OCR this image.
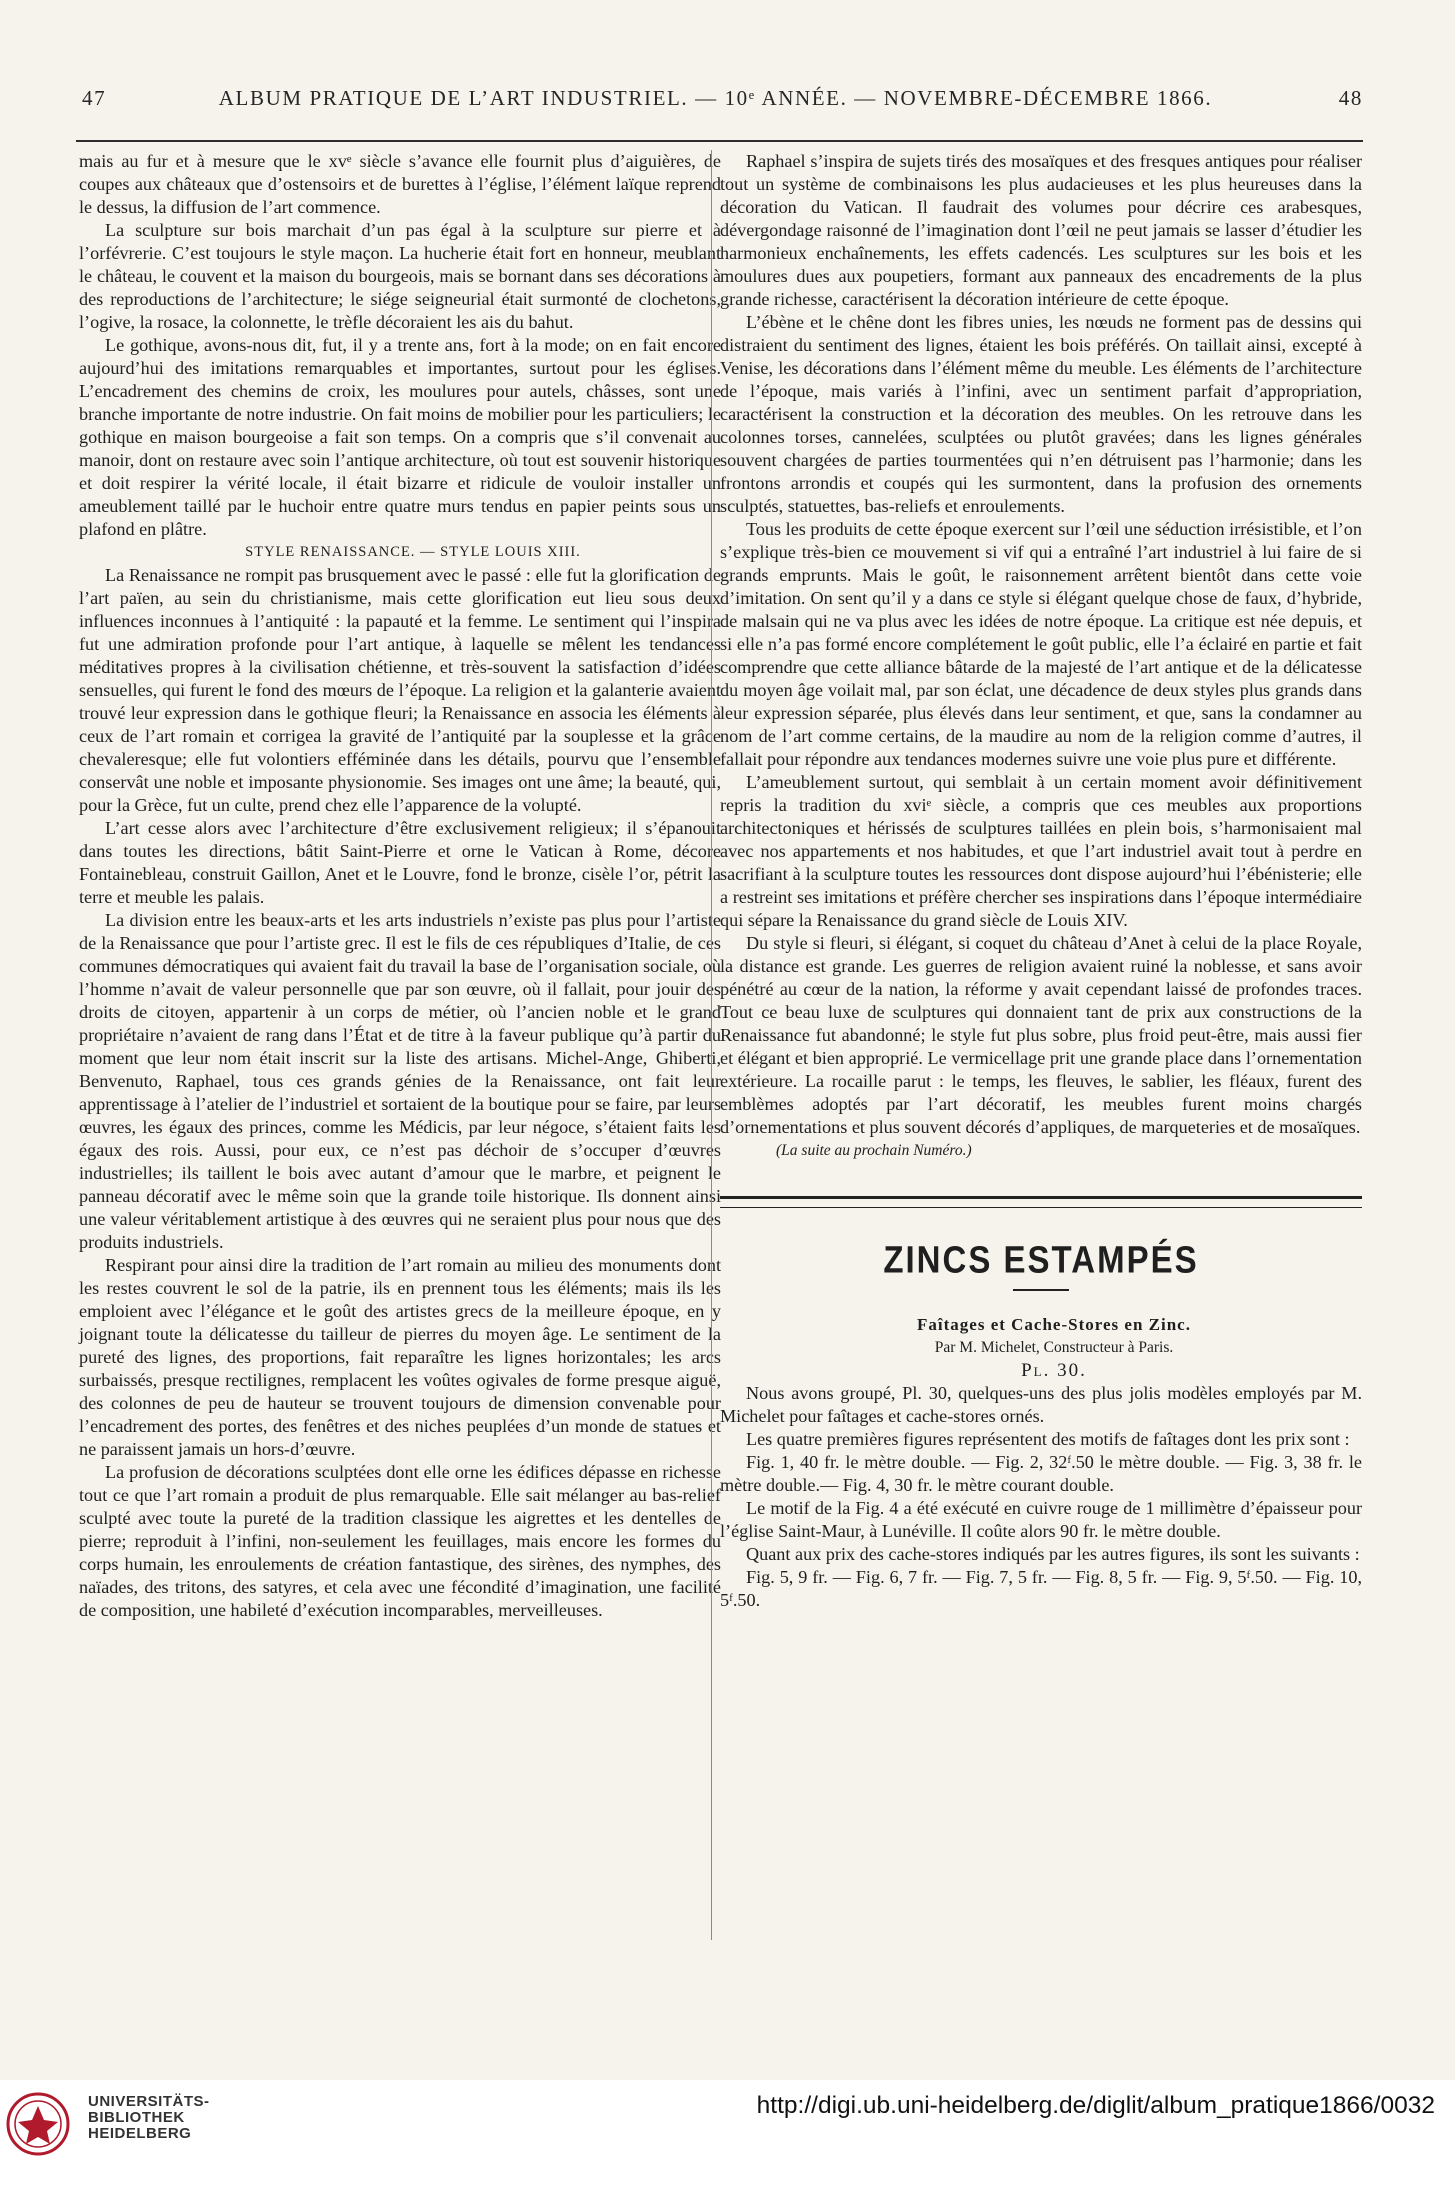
47	ALBUM PRATIQUE DE L’ART INDUSTRIEL. — 10ᵉ ANNÉE. — NOVEMBRE-DÉCEMBRE 1866.	48

mais au fur et à mesure que le xvᵉ siècle s’avance elle fournit plus d’aiguières, de coupes aux châteaux que d’ostensoirs et de burettes à l’église, l’élément laïque reprend le dessus, la diffusion de l’art commence.

La sculpture sur bois marchait d’un pas égal à la sculpture sur pierre et à l’orfévrerie. C’est toujours le style maçon. La hucherie était fort en honneur, meublant le château, le couvent et la maison du bourgeois, mais se bornant dans ses décorations à des reproductions de l’architecture; le siége seigneurial était surmonté de clochetons, l’ogive, la rosace, la colonnette, le trèfle décoraient les ais du bahut.

Le gothique, avons-nous dit, fut, il y a trente ans, fort à la mode; on en fait encore aujourd’hui des imitations remarquables et importantes, surtout pour les églises. L’encadrement des chemins de croix, les moulures pour autels, châsses, sont une branche importante de notre industrie. On fait moins de mobilier pour les particuliers; le gothique en maison bourgeoise a fait son temps. On a compris que s’il convenait au manoir, dont on restaure avec soin l’antique architecture, où tout est souvenir historique et doit respirer la vérité locale, il était bizarre et ridicule de vouloir installer un ameublement taillé par le huchoir entre quatre murs tendus en papier peints sous un plafond en plâtre.

STYLE RENAISSANCE. — STYLE LOUIS XIII.

La Renaissance ne rompit pas brusquement avec le passé : elle fut la glorification de l’art païen, au sein du christianisme, mais cette glorification eut lieu sous deux influences inconnues à l’antiquité : la papauté et la femme. Le sentiment qui l’inspira fut une admiration profonde pour l’art antique, à laquelle se mêlent les tendances méditatives propres à la civilisation chétienne, et très-souvent la satisfaction d’idées sensuelles, qui furent le fond des mœurs de l’époque. La religion et la galanterie avaient trouvé leur expression dans le gothique fleuri; la Renaissance en associa les éléments à ceux de l’art romain et corrigea la gravité de l’antiquité par la souplesse et la grâce chevaleresque; elle fut volontiers efféminée dans les détails, pourvu que l’ensemble conservât une noble et imposante physionomie. Ses images ont une âme; la beauté, qui, pour la Grèce, fut un culte, prend chez elle l’apparence de la volupté.

L’art cesse alors avec l’architecture d’être exclusivement religieux; il s’épanouit dans toutes les directions, bâtit Saint-Pierre et orne le Vatican à Rome, décore Fontainebleau, construit Gaillon, Anet et le Louvre, fond le bronze, cisèle l’or, pétrit la terre et meuble les palais.

La division entre les beaux-arts et les arts industriels n’existe pas plus pour l’artiste de la Renaissance que pour l’artiste grec. Il est le fils de ces républiques d’Italie, de ces communes démocratiques qui avaient fait du travail la base de l’organisation sociale, où l’homme n’avait de valeur personnelle que par son œuvre, où il fallait, pour jouir des droits de citoyen, appartenir à un corps de métier, où l’ancien noble et le grand propriétaire n’avaient de rang dans l’État et de titre à la faveur publique qu’à partir du moment que leur nom était inscrit sur la liste des artisans. Michel-Ange, Ghiberti, Benvenuto, Raphael, tous ces grands génies de la Renaissance, ont fait leur apprentissage à l’atelier de l’industriel et sortaient de la boutique pour se faire, par leurs œuvres, les égaux des princes, comme les Médicis, par leur négoce, s’étaient faits les égaux des rois. Aussi, pour eux, ce n’est pas déchoir de s’occuper d’œuvres industrielles; ils taillent le bois avec autant d’amour que le marbre, et peignent le panneau décoratif avec le même soin que la grande toile historique. Ils donnent ainsi une valeur véritablement artistique à des œuvres qui ne seraient plus pour nous que des produits industriels.

Respirant pour ainsi dire la tradition de l’art romain au milieu des monuments dont les restes couvrent le sol de la patrie, ils en prennent tous les éléments; mais ils les emploient avec l’élégance et le goût des artistes grecs de la meilleure époque, en y joignant toute la délicatesse du tailleur de pierres du moyen âge. Le sentiment de la pureté des lignes, des proportions, fait reparaître les lignes horizontales; les arcs surbaissés, presque rectilignes, remplacent les voûtes ogivales de forme presque aiguë, des colonnes de peu de hauteur se trouvent toujours de dimension convenable pour l’encadrement des portes, des fenêtres et des niches peuplées d’un monde de statues et ne paraissent jamais un hors-d’œuvre.

La profusion de décorations sculptées dont elle orne les édifices dépasse en richesse tout ce que l’art romain a produit de plus remarquable. Elle sait mélanger au bas-relief sculpté avec toute la pureté de la tradition classique les aigrettes et les dentelles de pierre; reproduit à l’infini, non-seulement les feuillages, mais encore les formes du corps humain, les enroulements de création fantastique, des sirènes, des nymphes, des naïades, des tritons, des satyres, et cela avec une fécondité d’imagination, une facilité de composition, une habileté d’exécution incomparables, merveilleuses.

Raphael s’inspira de sujets tirés des mosaïques et des fresques antiques pour réaliser tout un système de combinaisons les plus audacieuses et les plus heureuses dans la décoration du Vatican. Il faudrait des volumes pour décrire ces arabesques, dévergondage raisonné de l’imagination dont l’œil ne peut jamais se lasser d’étudier les harmonieux enchaînements, les effets cadencés. Les sculptures sur les bois et les moulures dues aux poupetiers, formant aux panneaux des encadrements de la plus grande richesse, caractérisent la décoration intérieure de cette époque.

L’ébène et le chêne dont les fibres unies, les nœuds ne forment pas de dessins qui distraient du sentiment des lignes, étaient les bois préférés. On taillait ainsi, excepté à Venise, les décorations dans l’élément même du meuble. Les éléments de l’architecture de l’époque, mais variés à l’infini, avec un sentiment parfait d’appropriation, caractérisent la construction et la décoration des meubles. On les retrouve dans les colonnes torses, cannelées, sculptées ou plutôt gravées; dans les lignes générales souvent chargées de parties tourmentées qui n’en détruisent pas l’harmonie; dans les frontons arrondis et coupés qui les surmontent, dans la profusion des ornements sculptés, statuettes, bas-reliefs et enroulements.

Tous les produits de cette époque exercent sur l’œil une séduction irrésistible, et l’on s’explique très-bien ce mouvement si vif qui a entraîné l’art industriel à lui faire de si grands emprunts. Mais le goût, le raisonnement arrêtent bientôt dans cette voie d’imitation. On sent qu’il y a dans ce style si élégant quelque chose de faux, d’hybride, de malsain qui ne va plus avec les idées de notre époque. La critique est née depuis, et si elle n’a pas formé encore complétement le goût public, elle l’a éclairé en partie et fait comprendre que cette alliance bâtarde de la majesté de l’art antique et de la délicatesse du moyen âge voilait mal, par son éclat, une décadence de deux styles plus grands dans leur expression séparée, plus élevés dans leur sentiment, et que, sans la condamner au nom de l’art comme certains, de la maudire au nom de la religion comme d’autres, il fallait pour répondre aux tendances modernes suivre une voie plus pure et différente.

L’ameublement surtout, qui semblait à un certain moment avoir définitivement repris la tradition du xviᵉ siècle, a compris que ces meubles aux proportions architectoniques et hérissés de sculptures taillées en plein bois, s’harmonisaient mal avec nos appartements et nos habitudes, et que l’art industriel avait tout à perdre en sacrifiant à la sculpture toutes les ressources dont dispose aujourd’hui l’ébénisterie; elle a restreint ses imitations et préfère chercher ses inspirations dans l’époque intermédiaire qui sépare la Renaissance du grand siècle de Louis XIV.

Du style si fleuri, si élégant, si coquet du château d’Anet à celui de la place Royale, la distance est grande. Les guerres de religion avaient ruiné la noblesse, et sans avoir pénétré au cœur de la nation, la réforme y avait cependant laissé de profondes traces. Tout ce beau luxe de sculptures qui donnaient tant de prix aux constructions de la Renaissance fut abandonné; le style fut plus sobre, plus froid peut-être, mais aussi fier et élégant et bien approprié. Le vermicellage prit une grande place dans l’ornementation extérieure. La rocaille parut : le temps, les fleuves, le sablier, les fléaux, furent des emblèmes adoptés par l’art décoratif, les meubles furent moins chargés d’ornementations et plus souvent décorés d’appliques, de marqueteries et de mosaïques.

(La suite au prochain Numéro.)

ZINCS ESTAMPÉS

Faîtages et Cache-Stores en Zinc.

Par M. Michelet, Constructeur à Paris.

Pl. 30.

Nous avons groupé, Pl. 30, quelques-uns des plus jolis modèles employés par M. Michelet pour faîtages et cache-stores ornés.

Les quatre premières figures représentent des motifs de faîtages dont les prix sont :

Fig. 1, 40 fr. le mètre double. — Fig. 2, 32ᶠ.50 le mètre double. — Fig. 3, 38 fr. le mètre double.— Fig. 4, 30 fr. le mètre courant double.

Le motif de la Fig. 4 a été exécuté en cuivre rouge de 1 millimètre d’épaisseur pour l’église Saint-Maur, à Lunéville. Il coûte alors 90 fr. le mètre double.

Quant aux prix des cache-stores indiqués par les autres figures, ils sont les suivants :

Fig. 5, 9 fr. — Fig. 6, 7 fr. — Fig. 7, 5 fr. — Fig. 8, 5 fr. — Fig. 9, 5ᶠ.50. — Fig. 10, 5ᶠ.50.

UNIVERSITÄTS-
BIBLIOTHEK
HEIDELBERG
http://digi.ub.uni-heidelberg.de/diglit/album_pratique1866/0032
